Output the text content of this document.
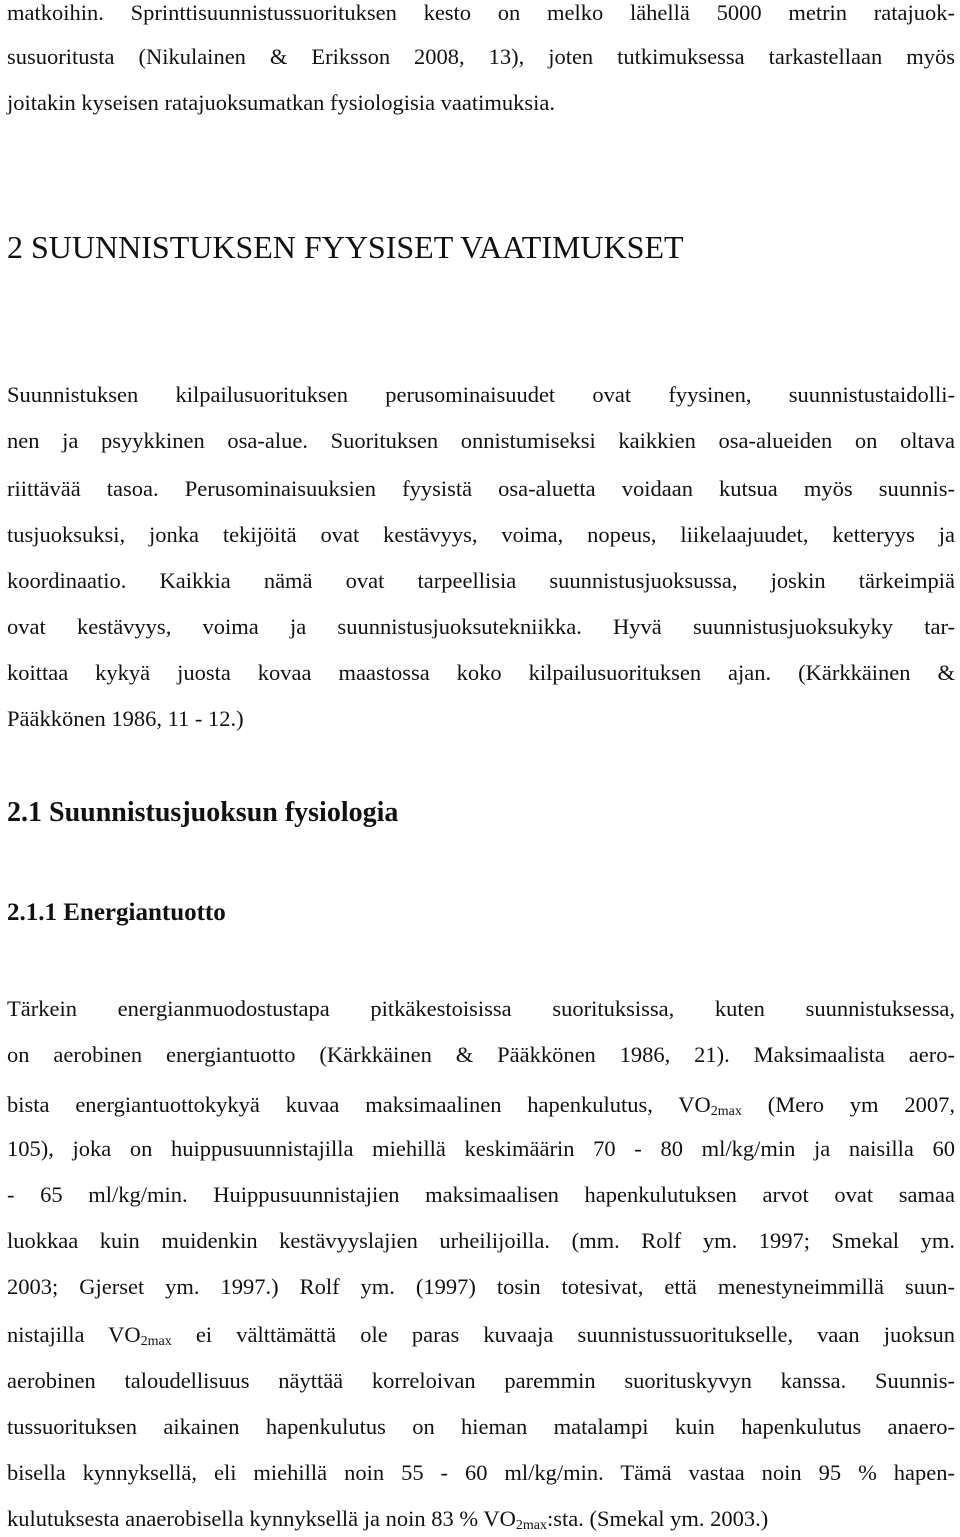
matkoihin. Sprinttisuunnistussuorituksen kesto on melko lähellä 5000 metrin ratajuok-
susuoritusta (Nikulainen & Eriksson 2008, 13), joten tutkimuksessa tarkastellaan myös
joitakin kyseisen ratajuoksumatkan fysiologisia vaatimuksia.
2 SUUNNISTUKSEN FYYSISET VAATIMUKSET
Suunnistuksen kilpailusuorituksen perusominaisuudet ovat fyysinen, suunnistustaidolli-
nen ja psyykkinen osa-alue. Suorituksen onnistumiseksi kaikkien osa-alueiden on oltava
riittävää tasoa. Perusominaisuuksien fyysistä osa-aluetta voidaan kutsua myös suunnis-
tusjuoksuksi, jonka tekijöitä ovat kestävyys, voima, nopeus, liikelaajuudet, ketteryys ja
koordinaatio. Kaikkia nämä ovat tarpeellisia suunnistusjuoksussa, joskin tärkeimpiä
ovat kestävyys, voima ja suunnistusjuoksutekniikka. Hyvä suunnistusjuoksukyky tar-
koittaa kykyä juosta kovaa maastossa koko kilpailusuorituksen ajan. (Kärkkäinen &
Pääkkönen 1986, 11 - 12.)
2.1 Suunnistusjuoksun fysiologia
2.1.1 Energiantuotto
Tärkein energianmuodostustapa pitkäkestoisissa suorituksissa, kuten suunnistuksessa,
on aerobinen energiantuotto (Kärkkäinen & Pääkkönen 1986, 21). Maksimaalista aero-
bista energiantuottokykyä kuvaa maksimaalinen hapenkulutus, $VO_{2max}$ (Mero ym 2007,
105), joka on huippusuunnistajilla miehillä keskimäärin 70 - 80 ml/kg/min ja naisilla 60
- 65 ml/kg/min. Huippusuunnistajien maksimaalisen hapenkulutuksen arvot ovat samaa
luokkaa kuin muidenkin kestävyyslajien urheilijoilla. (mm. Rolf ym. 1997; Smekal ym.
2003; Gjerset ym. 1997.) Rolf ym. (1997) tosin totesivat, että menestyneimmillä suun-
nistajilla $VO_{2max}$ ei välttämättä ole paras kuvaaja suunnistussuoritukselle, vaan juoksun
aerobinen taloudellisuus näyttää korreloivan paremmin suorituskyvyn kanssa. Suunnis-
tussuorituksen aikainen hapenkulutus on hieman matalampi kuin hapenkulutus anaero-
bisella kynnyksellä, eli miehillä noin 55 - 60 ml/kg/min. Tämä vastaa noin 95 % hapen-
kulutuksesta anaerobisella kynnyksellä ja noin 83 % $VO_{2max}:sta$. (Smekal ym. 2003.)
